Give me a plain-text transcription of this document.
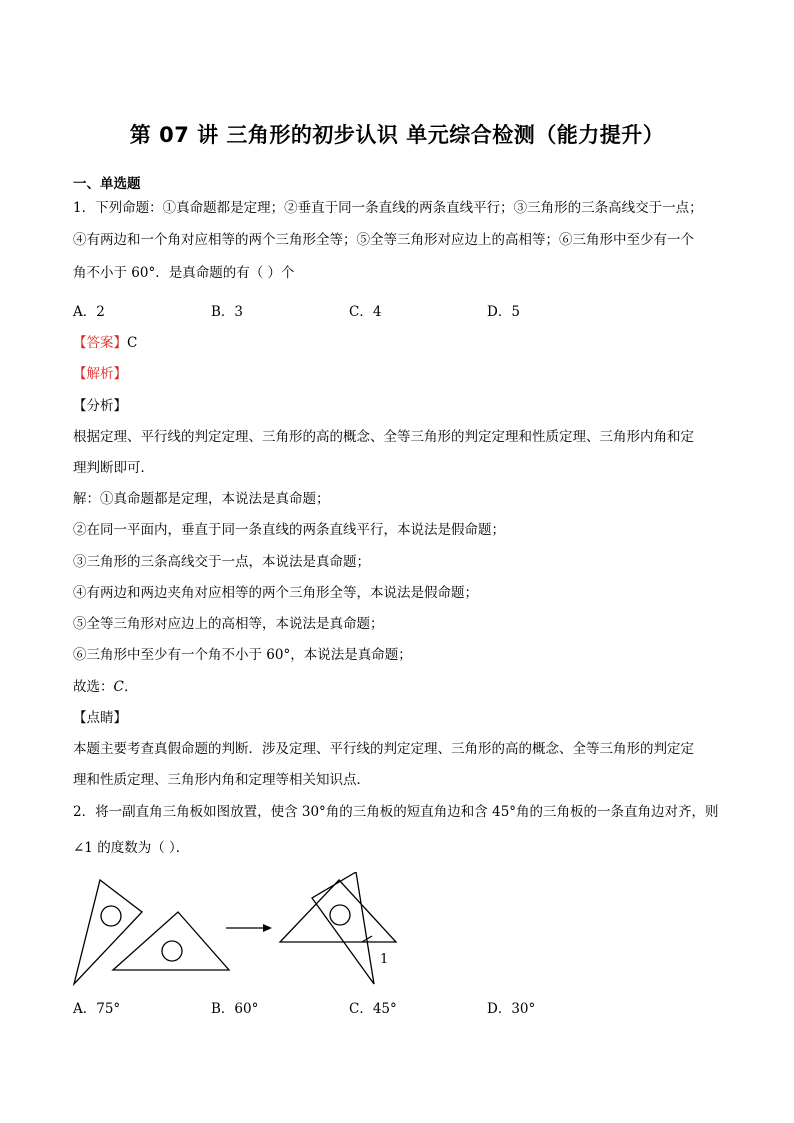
第 07 讲 三角形的初步认识 单元综合检测（能力提升）
一、单选题
1．下列命题：①真命题都是定理；②垂直于同一条直线的两条直线平行；③三角形的三条高线交于一点；
④有两边和一个角对应相等的两个三角形全等；⑤全等三角形对应边上的高相等；⑥三角形中至少有一个
角不小于 60°．是真命题的有（ ）个
A．2	B．3	C．4	D．5
【答案】C
【解析】
【分析】
根据定理、平行线的判定定理、三角形的高的概念、全等三角形的判定定理和性质定理、三角形内角和定
理判断即可．
解：①真命题都是定理，本说法是真命题；
②在同一平面内，垂直于同一条直线的两条直线平行，本说法是假命题；
③三角形的三条高线交于一点，本说法是真命题；
④有两边和两边夹角对应相等的两个三角形全等，本说法是假命题；
⑤全等三角形对应边上的高相等，本说法是真命题；
⑥三角形中至少有一个角不小于 60°，本说法是真命题；
故选：C．
【点睛】
本题主要考查真假命题的判断．涉及定理、平行线的判定定理、三角形的高的概念、全等三角形的判定定
理和性质定理、三角形内角和定理等相关知识点．
2．将一副直角三角板如图放置，使含 30°角的三角板的短直角边和含 45°角的三角板的一条直角边对齐，则
∠1 的度数为（ ）．
1
A．75°	B．60°	C．45°	D．30°
